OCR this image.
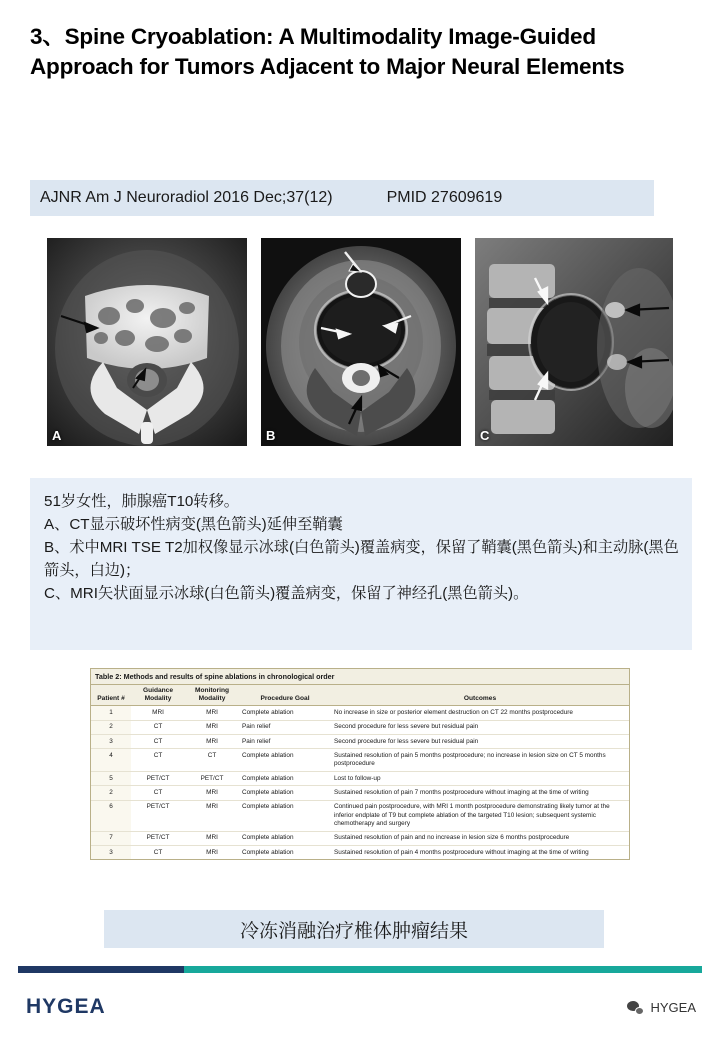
3、Spine Cryoablation: A Multimodality Image-Guided Approach for Tumors Adjacent to Major Neural Elements
AJNR Am J Neuroradiol 2016 Dec;37(12)	PMID 27609619
A	B	C
51岁女性，肺腺癌T10转移。
A、CT显示破坏性病变(黑色箭头)延伸至鞘囊
B、术中MRI TSE T2加权像显示冰球(白色箭头)覆盖病变，保留了鞘囊(黑色箭头)和主动脉(黑色箭头，白边)；
C、MRI矢状面显示冰球(白色箭头)覆盖病变，保留了神经孔(黑色箭头)。
Table 2: Methods and results of spine ablations in chronological order
Patient #	Guidance Modality	Monitoring Modality	Procedure Goal	Outcomes
1	MRI	MRI	Complete ablation	No increase in size or posterior element destruction on CT 22 months postprocedure
2	CT	MRI	Pain relief	Second procedure for less severe but residual pain
3	CT	MRI	Pain relief	Second procedure for less severe but residual pain
4	CT	CT	Complete ablation	Sustained resolution of pain 5 months postprocedure; no increase in lesion size on CT 5 months postprocedure
5	PET/CT	PET/CT	Complete ablation	Lost to follow-up
2	CT	MRI	Complete ablation	Sustained resolution of pain 7 months postprocedure without imaging at the time of writing
6	PET/CT	MRI	Complete ablation	Continued pain postprocedure, with MRI 1 month postprocedure demonstrating likely tumor at the inferior endplate of T9 but complete ablation of the targeted T10 lesion; subsequent systemic chemotherapy and surgery
7	PET/CT	MRI	Complete ablation	Sustained resolution of pain and no increase in lesion size 6 months postprocedure
3	CT	MRI	Complete ablation	Sustained resolution of pain 4 months postprocedure without imaging at the time of writing
冷冻消融治疗椎体肿瘤结果
HYGEA	HYGEA
